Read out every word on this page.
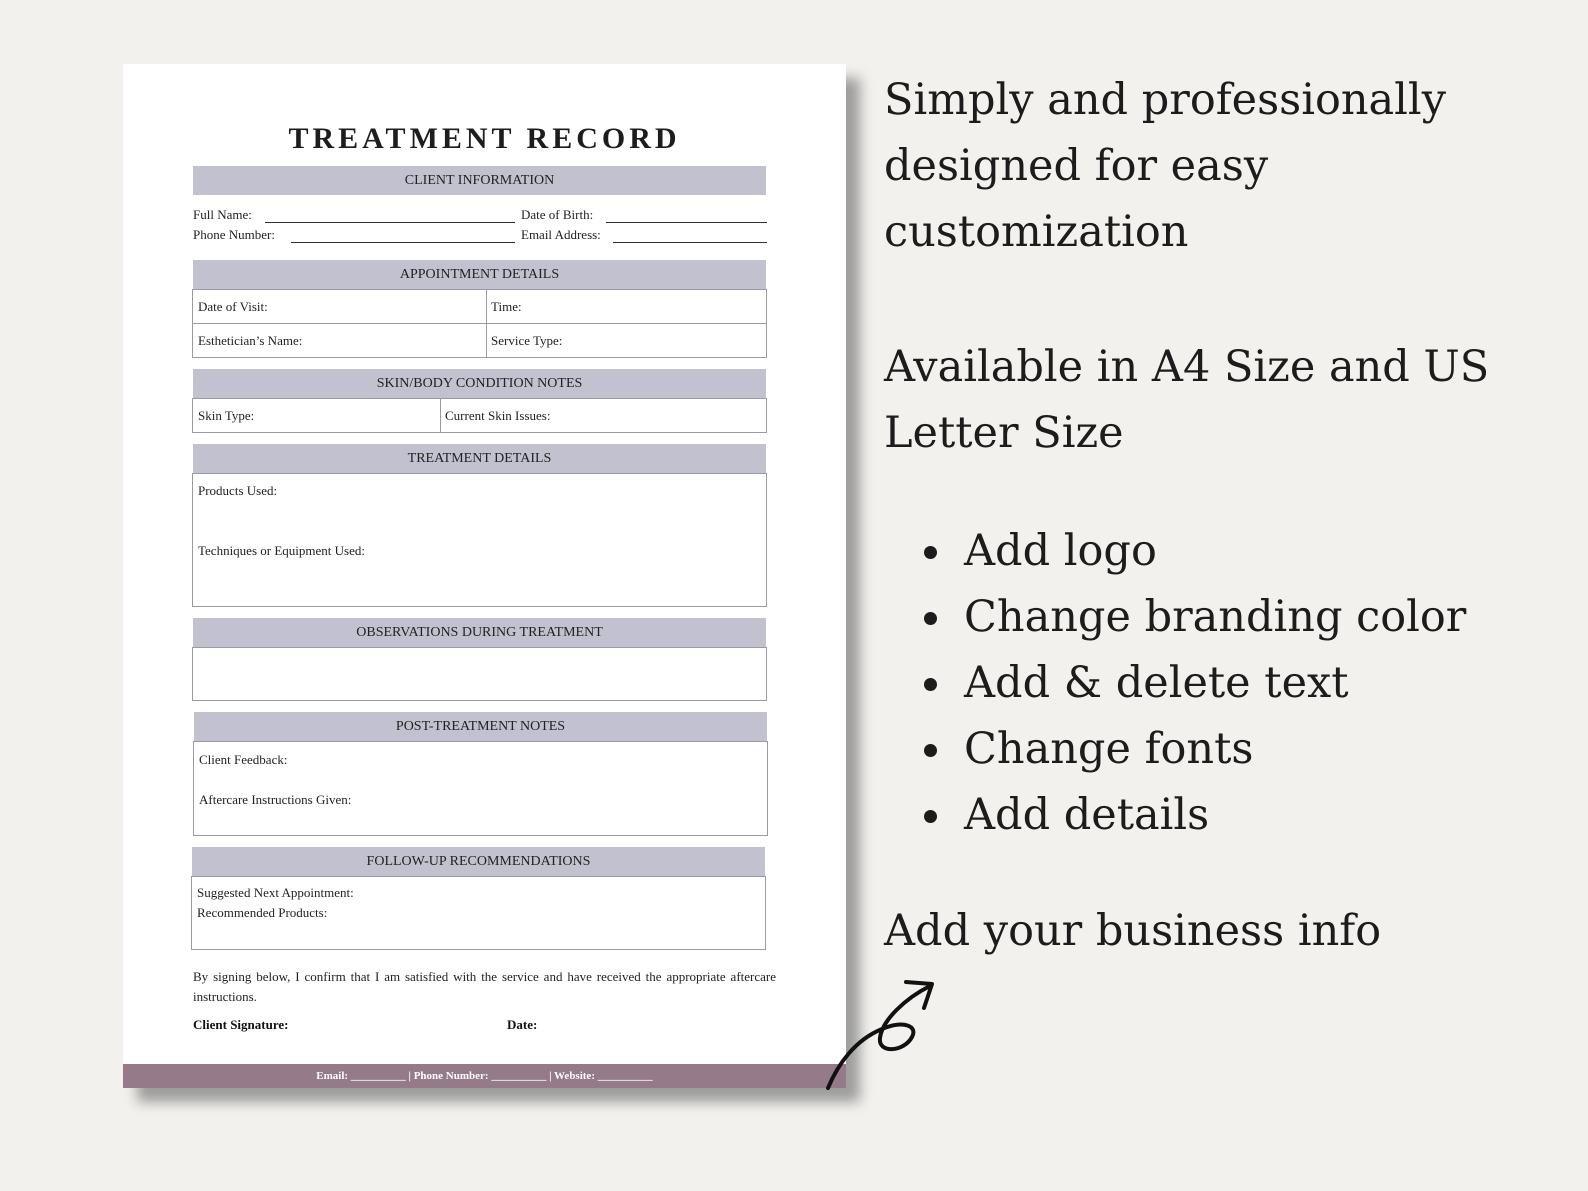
TREATMENT RECORD
CLIENT INFORMATION
Full Name:	Date of Birth:
Phone Number:	Email Address:
APPOINTMENT DETAILS
Date of Visit:	Time:
Esthetician’s Name:	Service Type:
SKIN/BODY CONDITION NOTES
Skin Type:	Current Skin Issues:
TREATMENT DETAILS
Products Used:
Techniques or Equipment Used:
OBSERVATIONS DURING TREATMENT
POST-TREATMENT NOTES
Client Feedback:
Aftercare Instructions Given:
FOLLOW-UP RECOMMENDATIONS
Suggested Next Appointment:
Recommended Products:

By signing below, I confirm that I am satisfied with the service and have received the appropriate aftercare instructions.

Client Signature:	Date:
Email: __________ | Phone Number: __________ | Website: __________
Simply and professionally
designed for easy
customization
Available in A4 Size and US
Letter Size
Add logo
Change branding color
Add & delete text
Change fonts
Add details
Add your business info
